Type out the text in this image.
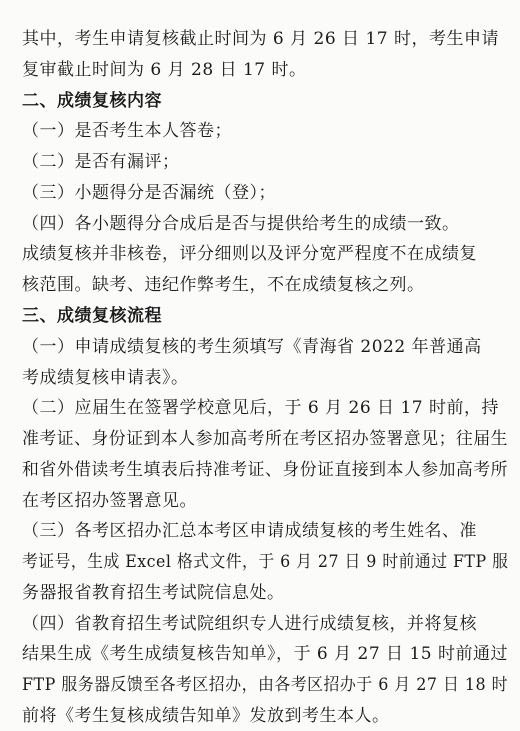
其中，考生申请复核截止时间为 6 月 26 日 17 时，考生申请
复审截止时间为 6 月 28 日 17 时。
二、成绩复核内容
（一）是否考生本人答卷；
（二）是否有漏评；
（三）小题得分是否漏统（登）；
（四）各小题得分合成后是否与提供给考生的成绩一致。
成绩复核并非核卷，评分细则以及评分宽严程度不在成绩复
核范围。缺考、违纪作弊考生，不在成绩复核之列。
三、成绩复核流程
（一）申请成绩复核的考生须填写《青海省 2022 年普通高
考成绩复核申请表》。
（二）应届生在签署学校意见后，于 6 月 26 日 17 时前，持
准考证、身份证到本人参加高考所在考区招办签署意见；往届生
和省外借读考生填表后持准考证、身份证直接到本人参加高考所
在考区招办签署意见。
（三）各考区招办汇总本考区申请成绩复核的考生姓名、准
考证号，生成 Excel 格式文件，于 6 月 27 日 9 时前通过 FTP 服
务器报省教育招生考试院信息处。
（四）省教育招生考试院组织专人进行成绩复核，并将复核
结果生成《考生成绩复核告知单》，于 6 月 27 日 15 时前通过
FTP 服务器反馈至各考区招办，由各考区招办于 6 月 27 日 18 时
前将《考生复核成绩告知单》发放到考生本人。
